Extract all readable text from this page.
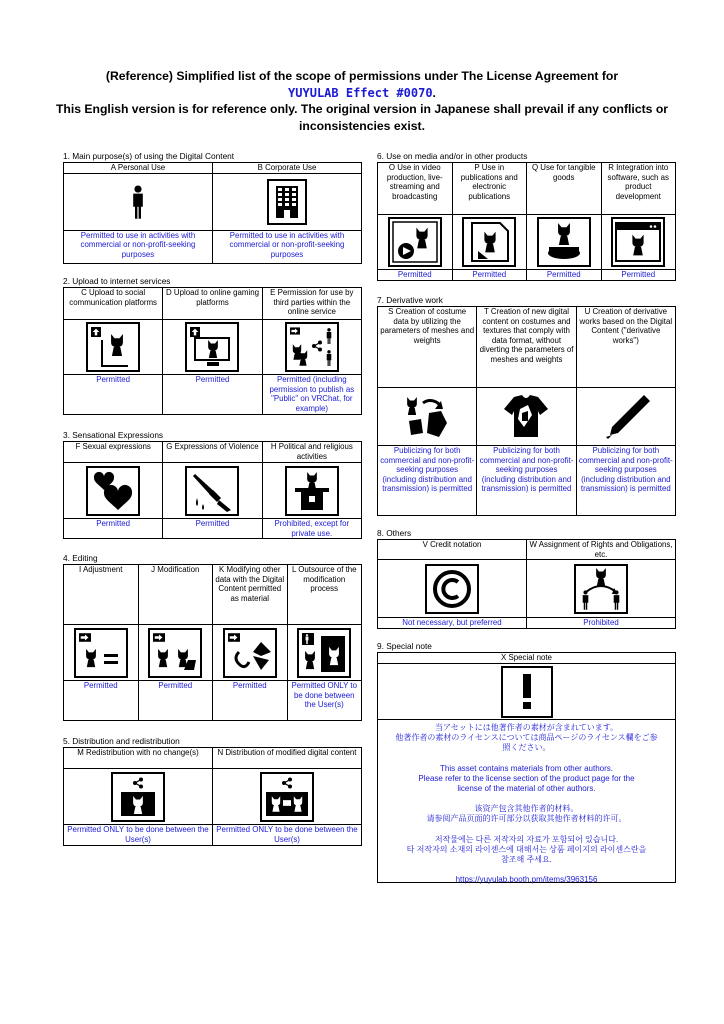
(Reference) Simplified list of the scope of permissions under The License Agreement for
YUYULAB Effect #0070.
This English version is for reference only. The original version in Japanese shall prevail if any conflicts or inconsistencies exist.
1. Main purpose(s) of using the Digital Content
A Personal Use	B Corporate Use

Permitted to use in activities with commercial or non-profit-seeking purposes	Permitted to use in activities with commercial or non-profit-seeking purposes
2. Upload to internet services
C Upload to social communication platforms	D Upload to online gaming platforms	E Permission for use by third parties within the online service

Permitted	Permitted	Permitted (including permission to publish as "Public" on VRChat, for example)
3. Sensational Expressions
F Sexual expressions	G Expressions of Violence	H Political and religious activities

Permitted	Permitted	Prohibited, except for private use.
4. Editing
I Adjustment	J Modification	K Modifying other data with the Digital Content permitted as material	L Outsource of the modification process

Permitted	Permitted	Permitted	Permitted ONLY to be done between the User(s)
5. Distribution and redistribution
M Redistribution with no change(s)	N Distribution of modified digital content

Permitted ONLY to be done between the User(s)	Permitted ONLY to be done between the User(s)
6. Use on media and/or in other products
O Use in video production, live-streaming and broadcasting	P Use in publications and electronic publications	Q Use for tangible goods	R Integration into software, such as product development

Permitted	Permitted	Permitted	Permitted
7. Derivative work
S Creation of costume data by utilizing the parameters of meshes and weights	T Creation of new digital content on costumes and textures that comply with data format, without diverting the parameters of meshes and weights	U Creation of derivative works based on the Digital Content ("derivative works")

Publicizing for both commercial and non-profit-seeking purposes (including distribution and transmission) is permitted	Publicizing for both commercial and non-profit-seeking purposes (including distribution and transmission) is permitted	Publicizing for both commercial and non-profit-seeking purposes (including distribution and transmission) is permitted
8. Others
V Credit notation	W Assignment of Rights and Obligations, etc.

Not necessary, but preferred	Prohibited
9. Special note
X Special note

当アセットには他著作者の素材が含まれています。
他著作者の素材のライセンスについては商品ページのライセンス欄をご参
照ください。
This asset contains materials from other authors.
Please refer to the license section of the product page for the
license of the material of other authors.
该资产包含其他作者的材料。
请参阅产品页面的许可部分以获取其他作者材料的许可。
저작물에는 다른 저작자의 자료가 포함되어 있습니다.
타 저작자의 소재의 라이센스에 대해서는 상품 페이지의 라이센스란을
참조해 주세요.
https://yuyulab.booth.pm/items/3963156
